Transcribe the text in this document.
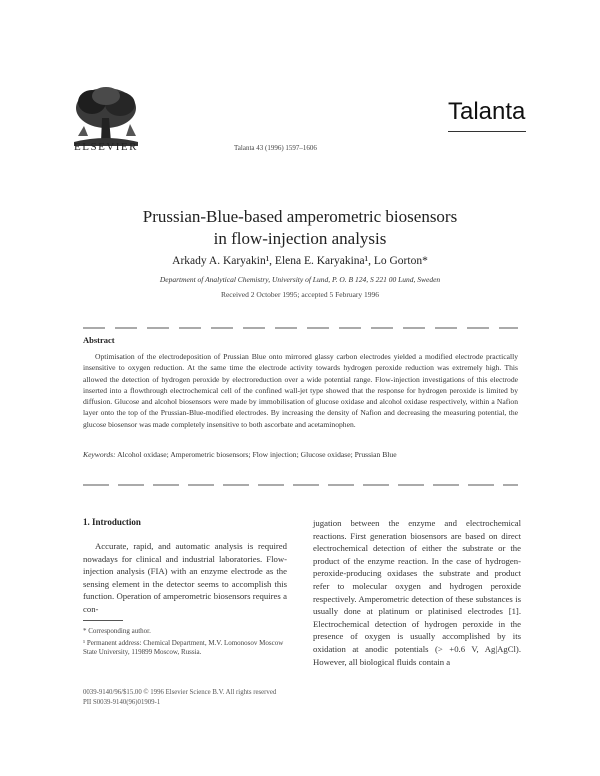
ELSEVIER
Talanta
Talanta 43 (1996) 1597–1606
Prussian-Blue-based amperometric biosensors
in flow-injection analysis
Arkady A. Karyakin¹, Elena E. Karyakina¹, Lo Gorton*
Department of Analytical Chemistry, University of Lund, P. O. B 124, S 221 00 Lund, Sweden
Received 2 October 1995; accepted 5 February 1996
Abstract
Optimisation of the electrodeposition of Prussian Blue onto mirrored glassy carbon electrodes yielded a modified electrode practically insensitive to oxygen reduction. At the same time the electrode activity towards hydrogen peroxide reduction was extremely high. This allowed the detection of hydrogen peroxide by electroreduction over a wide potential range. Flow-injection investigations of this electrode inserted into a flowthrough electrochemical cell of the confined wall-jet type showed that the response for hydrogen peroxide is limited by diffusion. Glucose and alcohol biosensors were made by immobilisation of glucose oxidase and alcohol oxidase respectively, within a Nafion layer onto the top of the Prussian-Blue-modified electrodes. By increasing the density of Nafion and decreasing the measuring potential, the glucose biosensor was made completely insensitive to both ascorbate and acetaminophen.
Keywords: Alcohol oxidase; Amperometric biosensors; Flow injection; Glucose oxidase; Prussian Blue
1. Introduction
Accurate, rapid, and automatic analysis is required nowadays for clinical and industrial laboratories. Flow-injection analysis (FIA) with an enzyme electrode as the sensing element in the detector seems to accomplish this function. Operation of amperometric biosensors requires a con-

* Corresponding author.

¹ Permanent address: Chemical Department, M.V. Lomonosov Moscow State University, 119899 Moscow, Russia.

jugation between the enzyme and electrochemical reactions. First generation biosensors are based on direct electrochemical detection of either the substrate or the product of the enzyme reaction. In the case of hydrogen-peroxide-producing oxidases the substrate and product refer to molecular oxygen and hydrogen peroxide respectively. Amperometric detection of these substances is usually done at platinum or platinised electrodes [1]. Electrochemical detection of hydrogen peroxide in the presence of oxygen is usually accomplished by its oxidation at anodic potentials (> +0.6 V, Ag|AgCl). However, all biological fluids contain a
0039-9140/96/$15.00 © 1996 Elsevier Science B.V. All rights reserved
PII S0039-9140(96)01909-1
